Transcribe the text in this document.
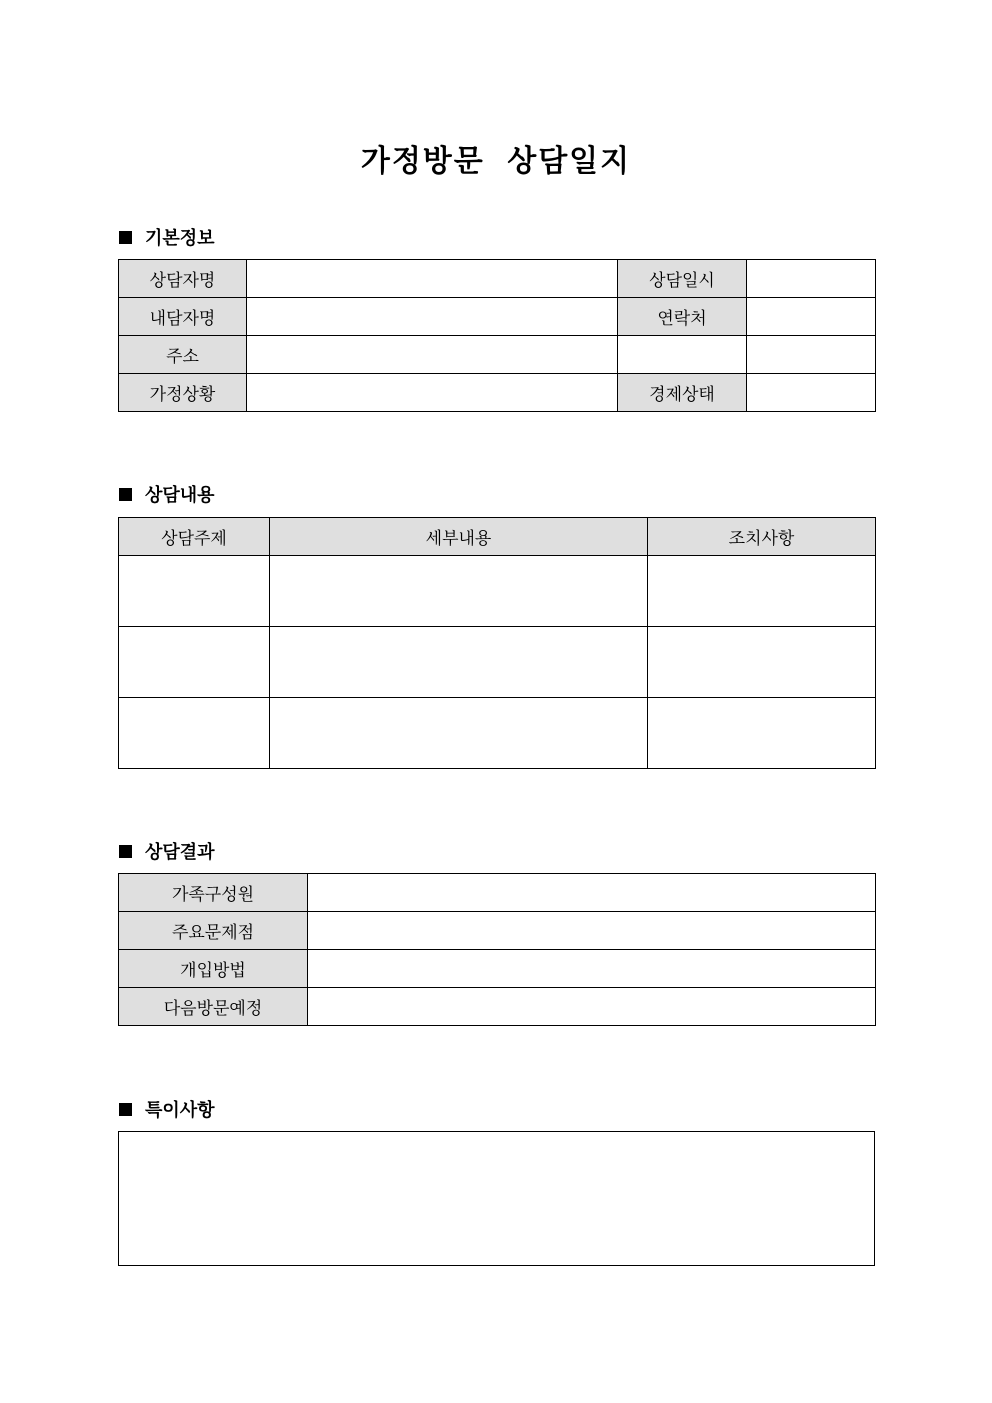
가정방문 상담일지
기본정보
상담자명		상담일시	
내담자명		연락처	
주소			
가정상황		경제상태	
상담내용
상담주제	세부내용	조치사항

상담결과
가족구성원	
주요문제점	
개입방법	
다음방문예정	
특이사항
